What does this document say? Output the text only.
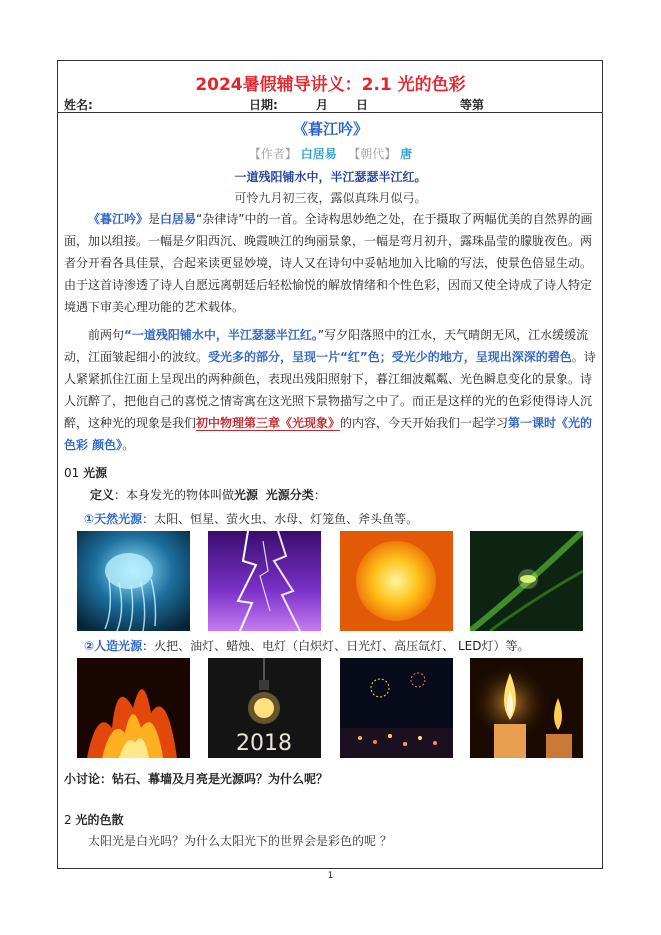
2024暑假辅导讲义：2.1 光的色彩
姓名:	日期:	月 日	等第
《暮江吟》
【作者】 白居易 【朝代】 唐
一道残阳铺水中，半江瑟瑟半江红。
可怜九月初三夜，露似真珠月似弓。
《暮江吟》是白居易“杂律诗”中的一首。全诗构思妙绝之处，在于摄取了两幅优美的自然界的画面，加以组接。一幅是夕阳西沉、晚霞映江的绚丽景象，一幅是弯月初升，露珠晶莹的朦胧夜色。两者分开看各具佳景，合起来读更显妙境，诗人又在诗句中妥帖地加入比喻的写法，使景色倍显生动。由于这首诗渗透了诗人自愿远离朝廷后轻松愉悦的解放情绪和个性色彩，因而又使全诗成了诗人特定境遇下审美心理功能的艺术载体。
前两句“一道残阳铺水中，半江瑟瑟半江红。”写夕阳落照中的江水，天气晴朗无风，江水缓缓流动，江面皱起细小的波纹。受光多的部分，呈现一片“红”色；受光少的地方，呈现出深深的碧色。诗人紧紧抓住江面上呈现出的两种颜色，表现出残阳照射下，暮江细波粼粼、光色瞬息变化的景象。诗人沉醉了，把他自己的喜悦之情寄寓在这光照下景物描写之中了。而正是这样的光的色彩使得诗人沉醉，这种光的现象是我们初中物理第三章《光现象》的内容，今天开始我们一起学习第一课时《光的色彩 颜色》。
01 光源
定义：本身发光的物体叫做光源 光源分类：
①天然光源：太阳、恒星、萤火虫、水母、灯笼鱼、斧头鱼等。
②人造光源：火把、油灯、蜡烛、电灯（白炽灯、日光灯、高压氙灯、 LED灯）等。
2018
小讨论：钻石、幕墙及月亮是光源吗？为什么呢？
2 光的色散
太阳光是白光吗？为什么太阳光下的世界会是彩色的呢 ？
1
